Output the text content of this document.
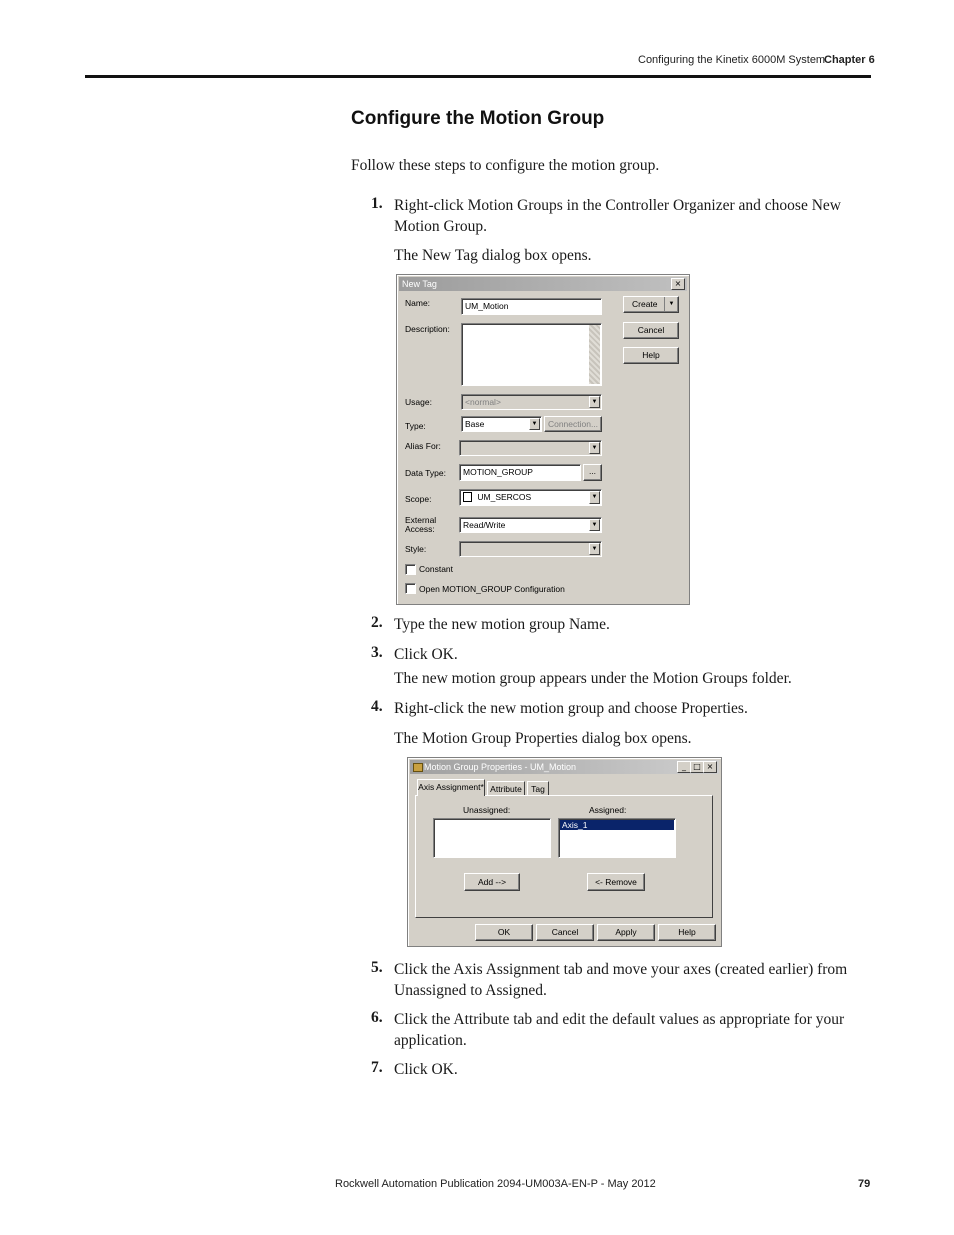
Configuring the Kinetix 6000M System
Chapter 6
Configure the Motion Group
Follow these steps to configure the motion group.
1. Right-click Motion Groups in the Controller Organizer and choose New
Motion Group.
The New Tag dialog box opens.
New Tag	×
Name:	UM_Motion
Description:
Usage:	<normal>	▼
Type:	Base	▼	Connection...
Alias For:	▼
Data Type:	MOTION_GROUP	...
Scope:	UM_SERCOS	▼
External
Access:	Read/Write	▼
Style:	▼
Constant
Open MOTION_GROUP Configuration
Create	▼
Cancel
Help
2. Type the new motion group Name.
3. Click OK.
The new motion group appears under the Motion Groups folder.
4. Right-click the new motion group and choose Properties.
The Motion Group Properties dialog box opens.
Motion Group Properties - UM_Motion	_ □ ×
Axis Assignment* Attribute	Tag
Unassigned:	Assigned:
Axis_1
Add -->	<- Remove
OK	Cancel	Apply	Help
5. Click the Axis Assignment tab and move your axes (created earlier) from
Unassigned to Assigned.
6. Click the Attribute tab and edit the default values as appropriate for your
application.
7. Click OK.
Rockwell Automation Publication 2094-UM003A-EN-P - May 2012	79
